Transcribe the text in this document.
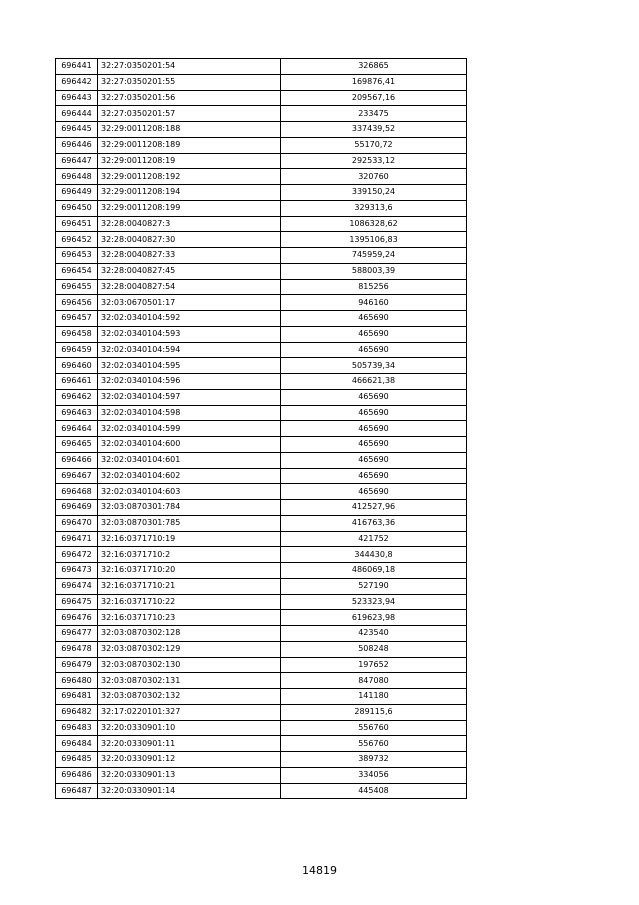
696441	32:27:0350201:54	326865
696442	32:27:0350201:55	169876,41
696443	32:27:0350201:56	209567,16
696444	32:27:0350201:57	233475
696445	32:29:0011208:188	337439,52
696446	32:29:0011208:189	55170,72
696447	32:29:0011208:19	292533,12
696448	32:29:0011208:192	320760
696449	32:29:0011208:194	339150,24
696450	32:29:0011208:199	329313,6
696451	32:28:0040827:3	1086328,62
696452	32:28:0040827:30	1395106,83
696453	32:28:0040827:33	745959,24
696454	32:28:0040827:45	588003,39
696455	32:28:0040827:54	815256
696456	32:03:0670501:17	946160
696457	32:02:0340104:592	465690
696458	32:02:0340104:593	465690
696459	32:02:0340104:594	465690
696460	32:02:0340104:595	505739,34
696461	32:02:0340104:596	466621,38
696462	32:02:0340104:597	465690
696463	32:02:0340104:598	465690
696464	32:02:0340104:599	465690
696465	32:02:0340104:600	465690
696466	32:02:0340104:601	465690
696467	32:02:0340104:602	465690
696468	32:02:0340104:603	465690
696469	32:03:0870301:784	412527,96
696470	32:03:0870301:785	416763,36
696471	32:16:0371710:19	421752
696472	32:16:0371710:2	344430,8
696473	32:16:0371710:20	486069,18
696474	32:16:0371710:21	527190
696475	32:16:0371710:22	523323,94
696476	32:16:0371710:23	619623,98
696477	32:03:0870302:128	423540
696478	32:03:0870302:129	508248
696479	32:03:0870302:130	197652
696480	32:03:0870302:131	847080
696481	32:03:0870302:132	141180
696482	32:17:0220101:327	289115,6
696483	32:20:0330901:10	556760
696484	32:20:0330901:11	556760
696485	32:20:0330901:12	389732
696486	32:20:0330901:13	334056
696487	32:20:0330901:14	445408
14819
